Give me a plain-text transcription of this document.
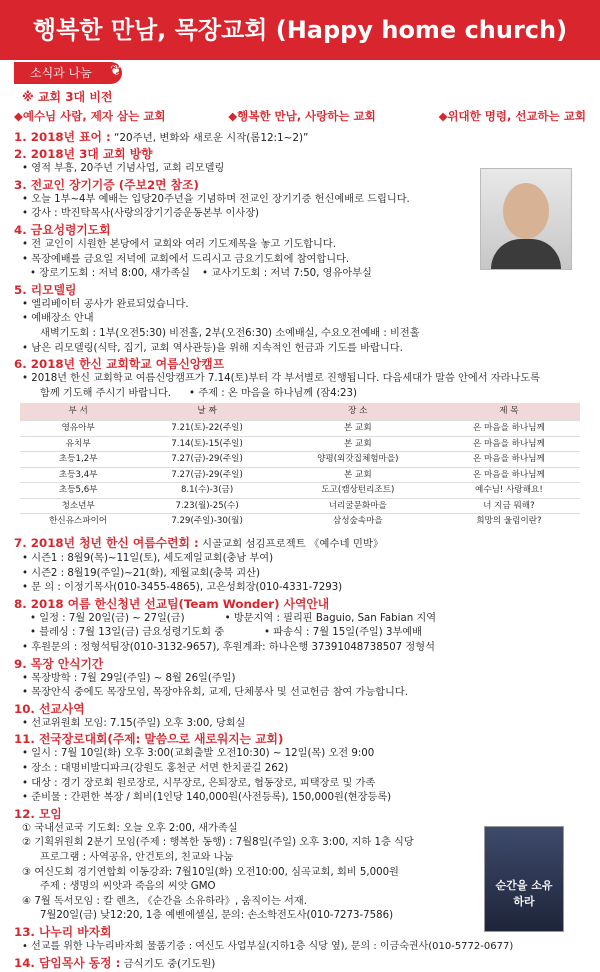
행복한 만남, 목장교회 (Happy home church)
소식과 나눔 ❦
순간을 소유하라
※ 교회 3대 비전
◆예수님 사람, 제자 삼는 교회	◆행복한 만남, 사랑하는 교회	◆위대한 명령, 선교하는 교회
1. 2018년 표어 : “20주년, 변화와 새로운 시작(롬12:1~2)”
2. 2018년 3대 교회 방향
• 영적 부흥, 20주년 기념사업, 교회 리모델링
3. 전교인 장기기증 (주보2면 참조)
• 오늘 1부~4부 예배는 입당20주년을 기념하며 전교인 장기기증 헌신예배로 드립니다.
• 강사 : 박진탁목사(사랑의장기기증운동본부 이사장)
4. 금요성령기도회
• 전 교인이 시원한 본당에서 교회와 여러 기도제목을 놓고 기도합니다.
• 목장예배를 금요일 저녁에 교회에서 드리시고 금요기도회에 참여합니다.
• 장로기도회 : 저녁 8:00, 새가족실 • 교사기도회 : 저녁 7:50, 영유아부실
5. 리모델링
• 엘리베이터 공사가 완료되었습니다.
• 예배장소 안내
새벽기도회 : 1부(오전5:30) 비전홀, 2부(오전6:30) 소예배실, 수요오전예배 : 비전홀
• 남은 리모델링(식탁, 집기, 교회 역사관등)을 위해 지속적인 헌금과 기도를 바랍니다.
6. 2018년 한신 교회학교 여름신앙캠프
• 2018년 한신 교회학교 여름신앙캠프가 7.14(토)부터 각 부서별로 진행됩니다. 다음세대가 말씀 안에서 자라나도록
함께 기도해 주시기 바랍니다. • 주제 : 온 마음을 하나님께 (잠4:23)
부 서	날 짜	장 소	제 목
영유아부	7.21(토)-22(주일)	본 교회	온 마음을 하나님께
유치부	7.14(토)-15(주일)	본 교회	온 마음을 하나님께
초등1,2부	7.27(금)-29(주일)	양평(외갓집체험마을)	온 마음을 하나님께
초등3,4부	7.27(금)-29(주일)	본 교회	온 마음을 하나님께
초등5,6부	8.1(수)-3(금)	도고(캠상턴리조트)	예수님! 사랑해요!
청소년부	7.23(월)-25(수)	너리굴문화마을	너 지금 뭐해?
한신유스파이어	7.29(주일)-30(월)	삼성숲속마을	희망의 울림이란?
7. 2018년 청년 한신 여름수련회 : 시골교회 섬김프로젝트 《예수네 민박》
• 시즌1 : 8월9(목)~11일(토), 세도제일교회(충남 부여)
• 시즌2 : 8월19(주일)~21(화), 제월교회(충북 괴산)
• 문 의 : 이정기목사(010-3455-4865), 고은성회장(010-4331-7293)
8. 2018 여름 한신청년 선교팀(Team Wonder) 사역안내
• 일정 : 7월 20일(금) ~ 27일(금)	• 방문지역 : 필리핀 Baguio, San Fabian 지역
• 블레싱 : 7월 13일(금) 금요성령기도회 중	• 파송식 : 7월 15일(주일) 3부예배
• 후원문의 : 정형석팀장(010-3132-9657), 후원계좌: 하나은행 37391048738507 정형석
9. 목장 안식기간
• 목장방학 : 7월 29일(주일) ~ 8월 26일(주일)
• 목장안식 중에도 목장모임, 목장야유회, 교제, 단체봉사 및 선교헌금 참여 가능합니다.
10. 선교사역
• 선교위원회 모임: 7.15(주일) 오후 3:00, 당회실
11. 전국장로대회(주제: 말씀으로 새로워지는 교회)
• 일시 : 7월 10일(화) 오후 3:00(교회출발 오전10:30) ~ 12일(목) 오전 9:00
• 장소 : 대명비발디파크(강원도 홍천군 서면 한치골길 262)
• 대상 : 경기 장로회 원로장로, 시무장로, 은퇴장로, 협동장로, 피택장로 및 가족
• 준비물 : 간편한 복장 / 회비(1인당 140,000원(사전등록), 150,000원(현장등록)
12. 모임
① 국내선교국 기도회: 오늘 오후 2:00, 새가족실
② 기획위원회 2분기 모임(주제 : 행복한 동행) : 7월8일(주일) 오후 3:00, 지하 1층 식당
프로그램 : 사역공유, 안건토의, 친교와 나눔
③ 여신도회 경기연합회 이동강좌: 7월10일(화) 오전10:00, 심곡교회, 회비 5,000원
주제 : 생명의 씨앗과 죽음의 씨앗 GMO
④ 7월 독서모임 : 칼 렌츠, 《순간을 소유하라》, 움직이는 서재.
7월20일(금) 낮12:20, 1층 예벤에셀실, 문의: 손소학전도사(010-7273-7586)
13. 나누리 바자회
• 선교를 위한 나누리바자회 물품기증 : 여신도 사업부실(지하1층 식당 옆), 문의 : 이금숙권사(010-5772-0677)
14. 담임목사 동정 : 금식기도 중(기도원)
